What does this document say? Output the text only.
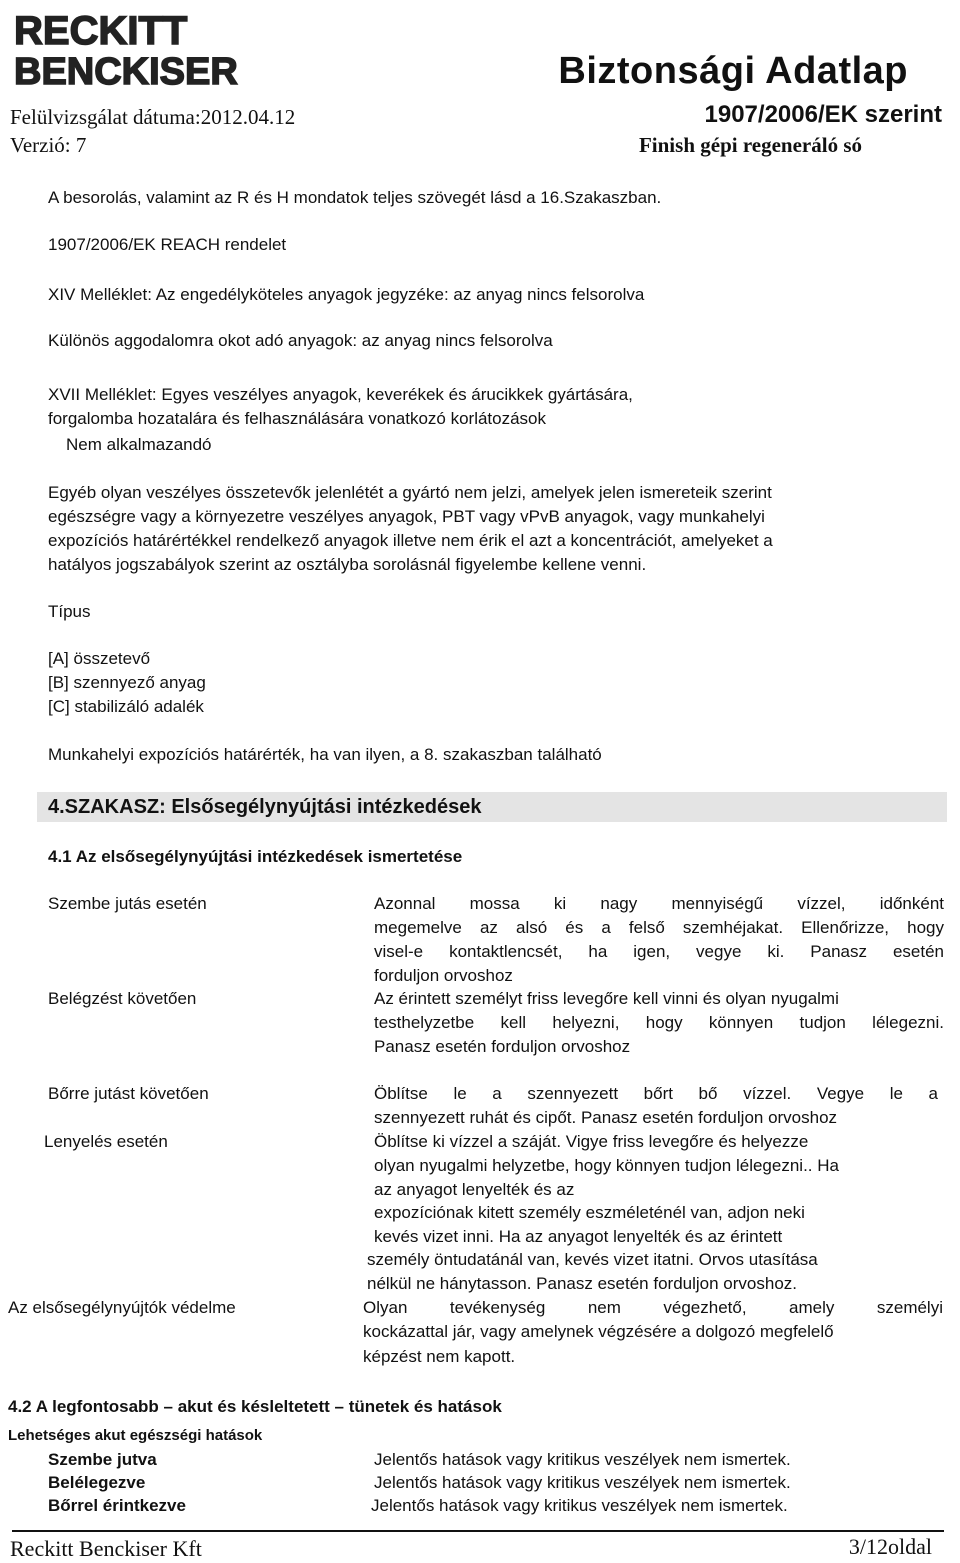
RECKITT
BENCKISER	Biztonsági Adatlap
1907/2006/EK szerint
Felülvizsgálat dátuma:2012.04.12
Verzió: 7	Finish gépi regeneráló só
A besorolás, valamint az R és H mondatok teljes szövegét lásd a 16.Szakaszban.
1907/2006/EK REACH rendelet
XIV Melléklet: Az engedélyköteles anyagok jegyzéke: az anyag nincs felsorolva
Különös aggodalomra okot adó anyagok: az anyag nincs felsorolva
XVII Melléklet: Egyes veszélyes anyagok, keverékek és árucikkek gyártására,
forgalomba hozatalára és felhasználására vonatkozó korlátozások
Nem alkalmazandó
Egyéb olyan veszélyes összetevők jelenlétét a gyártó nem jelzi, amelyek jelen ismereteik szerint
egészségre vagy a környezetre veszélyes anyagok, PBT vagy vPvB anyagok, vagy munkahelyi
expozíciós határértékkel rendelkező anyagok illetve nem érik el azt a koncentrációt, amelyeket a
hatályos jogszabályok szerint az osztályba sorolásnál figyelembe kellene venni.
Típus
[A] összetevő
[B] szennyező anyag
[C] stabilizáló adalék
Munkahelyi expozíciós határérték, ha van ilyen, a 8. szakaszban található
4.SZAKASZ: Elsősegélynyújtási intézkedések
4.1 Az elsősegélynyújtási intézkedések ismertetése
Szembe jutás esetén	Azonnal mossa ki nagy mennyiségű vízzel, időnként
megemelve az alsó és a felső szemhéjakat. Ellenőrizze, hogy
visel-e kontaktlencsét, ha igen, vegye ki. Panasz esetén
forduljon orvoshoz
Belégzést követően	Az érintett személyt friss levegőre kell vinni és olyan nyugalmi
testhelyzetbe kell helyezni, hogy könnyen tudjon lélegezni.
Panasz esetén forduljon orvoshoz
Bőrre jutást követően	Öblítse le a szennyezett bőrt bő vízzel. Vegye le a
szennyezett ruhát és cipőt. Panasz esetén forduljon orvoshoz
Lenyelés esetén	Öblítse ki vízzel a száját. Vigye friss levegőre és helyezze
olyan nyugalmi helyzetbe, hogy könnyen tudjon lélegezni.. Ha
az anyagot lenyelték és az
expozíciónak kitett személy eszméleténél van, adjon neki
kevés vizet inni. Ha az anyagot lenyelték és az érintett
személy öntudatánál van, kevés vizet itatni. Orvos utasítása
nélkül ne hánytasson. Panasz esetén forduljon orvoshoz.
Az elsősegélynyújtók védelme	Olyan tevékenység nem végezhető, amely személyi
kockázattal jár, vagy amelynek végzésére a dolgozó megfelelő
képzést nem kapott.
4.2 A legfontosabb – akut és késleltetett – tünetek és hatások
Lehetséges akut egészségi hatások
Szembe jutva	Jelentős hatások vagy kritikus veszélyek nem ismertek.
Belélegezve	Jelentős hatások vagy kritikus veszélyek nem ismertek.
Bőrrel érintkezve	Jelentős hatások vagy kritikus veszélyek nem ismertek.
Reckitt Benckiser Kft	3/12oldal
